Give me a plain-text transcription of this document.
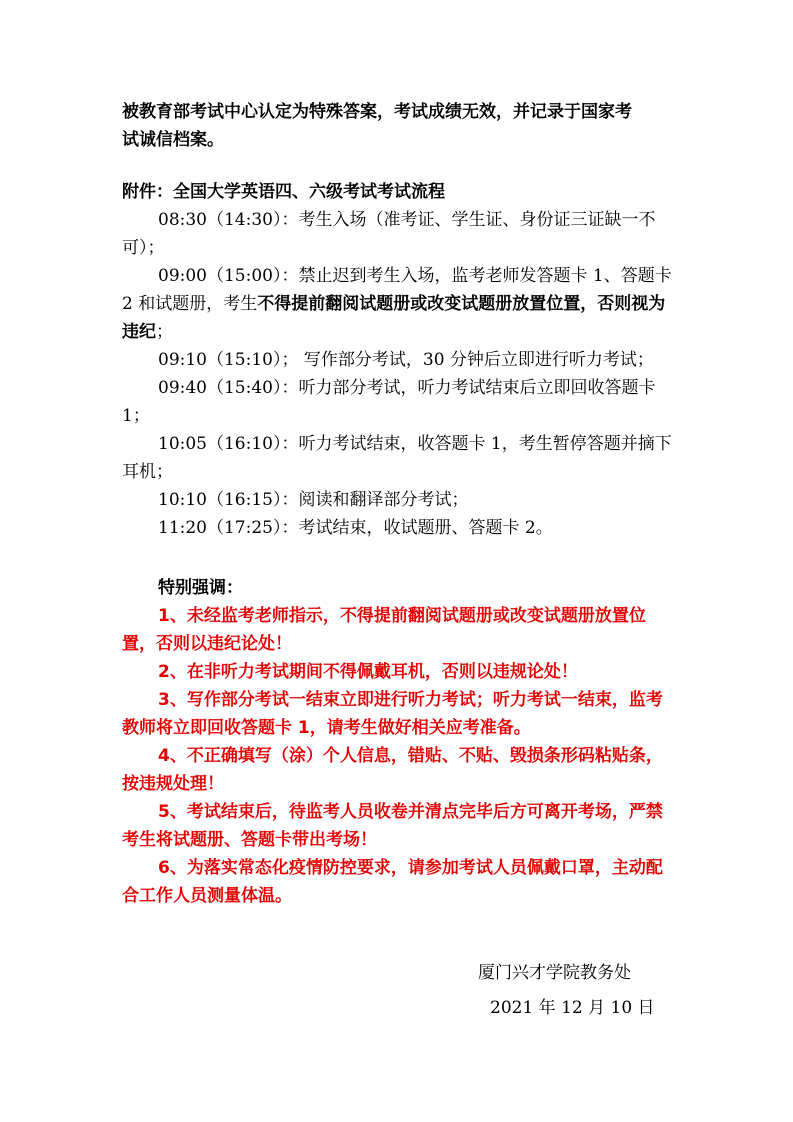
被教育部考试中心认定为特殊答案，考试成绩无效，并记录于国家考
试诚信档案。
附件：全国大学英语四、六级考试考试流程

08:30（14:30）：考生入场（准考证、学生证、身份证三证缺一不可）；

09:00（15:00）：禁止迟到考生入场，监考老师发答题卡 1、答题卡 2 和试题册，考生不得提前翻阅试题册或改变试题册放置位置，否则视为违纪；

09:10（15:10）； 写作部分考试，30 分钟后立即进行听力考试；

09:40（15:40）：听力部分考试，听力考试结束后立即回收答题卡 1；

10:05（16:10）：听力考试结束，收答题卡 1，考生暂停答题并摘下耳机；

10:10（16:15）：阅读和翻译部分考试；

11:20（17:25）：考试结束，收试题册、答题卡 2。

特别强调：

1、未经监考老师指示，不得提前翻阅试题册或改变试题册放置位置，否则以违纪论处！

2、在非听力考试期间不得佩戴耳机，否则以违规论处！

3、写作部分考试一结束立即进行听力考试；听力考试一结束，监考教师将立即回收答题卡 1，请考生做好相关应考准备。

4、不正确填写（涂）个人信息，错贴、不贴、毁损条形码粘贴条，按违规处理！

5、考试结束后，待监考人员收卷并清点完毕后方可离开考场，严禁考生将试题册、答题卡带出考场！

6、为落实常态化疫情防控要求，请参加考试人员佩戴口罩，主动配合工作人员测量体温。

厦门兴才学院教务处
2021 年 12 月 10 日
